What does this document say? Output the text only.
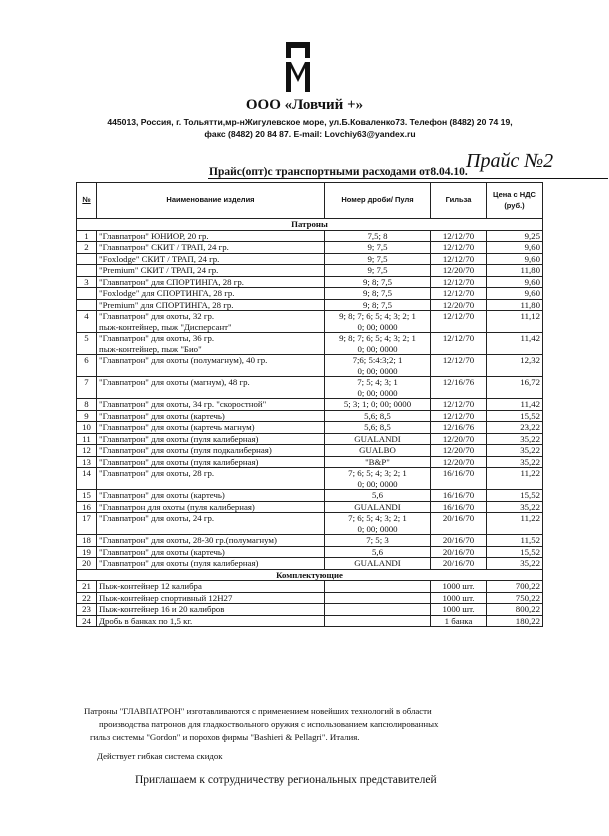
ООО «Ловчий +»
445013, Россия, г. Тольятти,мр-нЖигулевское море, ул.Б.Коваленко73. Телефон (8482) 20 74 19,
факс (8482) 20 84 87. E-mail: Lovchiy63@yandex.ru
Прайс(опт)с транспортными расходами от8.04.10.
Прайс №2
№	Наименование изделия	Номер дроби/ Пуля	Гильза	Цена с НДС (руб.)
Патроны				
1	"Главпатрон" ЮНИОР, 20 гр.	7,5; 8	12/12/70	9,25
2	"Главпатрон" СКИТ / ТРАП, 24 гр.	9; 7,5	12/12/70	9,60
	"Foxlodge" СКИТ / ТРАП, 24 гр.	9; 7,5	12/12/70	9,60
	"Premium" СКИТ / ТРАП, 24 гр.	9; 7,5	12/20/70	11,80
3	"Главпатрон" для СПОРТИНГА, 28 гр.	9; 8; 7,5	12/12/70	9,60
	"Foxlodge" для СПОРТИНГА, 28 гр.	9; 8; 7,5	12/12/70	9,60
	"Premium" для СПОРТИНГА, 28 гр.	9; 8; 7,5	12/20/70	11,80
4	"Главпатрон" для охоты, 32 гр.
пыж-контейнер, пыж "Дисперсант"	9; 8; 7; 6; 5; 4; 3; 2; 1
0; 00; 0000	12/12/70	11,12
5	"Главпатрон" для охоты, 36 гр.
пыж-контейнер, пыж "Био"	9; 8; 7; 6; 5; 4; 3; 2; 1
0; 00; 0000	12/12/70	11,42
6	"Главпатрон" для охоты (полумагнум), 40 гр.	7;6; 5:4:3;2; 1
0; 00; 0000	12/12/70	12,32
7	"Главпатрон" для охоты (магнум), 48 гр.	7; 5; 4; 3; 1
0; 00; 0000	12/16/76	16,72
8	"Главпатрон" для охоты, 34 гр. "скоростной"	5; 3; 1; 0; 00; 0000	12/12/70	11,42
9	"Главпатрон" для охоты (картечь)	5,6; 8,5	12/12/70	15,52
10	"Главпатрон" для охоты (картечь магнум)	5,6; 8,5	12/16/76	23,22
11	"Главпатрон" для охоты (пуля калиберная)	GUALANDI	12/20/70	35,22
12	"Главпатрон" для охоты (пуля подкалиберная)	GUALBO	12/20/70	35,22
13	"Главпатрон" для охоты (пуля калиберная)	"B&P"	12/20/70	35,22
14	"Главпатрон" для охоты, 28 гр.	7; 6; 5; 4; 3; 2; 1
0; 00; 0000	16/16/70	11,22
15	"Главпатрон" для охоты (картечь)	5,6	16/16/70	15,52
16	"Главпатрон для охоты (пуля калиберная)	GUALANDI	16/16/70	35,22
17	"Главпатрон" для охоты, 24 гр.	7; 6; 5; 4; 3; 2; 1
0; 00; 0000	20/16/70	11,22
18	"Главпатрон" для охоты, 28-30 гр.(полумагнум)	7; 5; 3	20/16/70	11,52
19	"Главпатрон" для охоты (картечь)	5,6	20/16/70	15,52
20	"Главпатрон" для охоты (пуля калиберная)	GUALANDI	20/16/70	35,22
Комплектующие				
21	Пыж-контейнер 12 калибра		1000 шт.	700,22
22	Пыж-контейнер спортивный 12Н27		1000 шт.	750,22
23	Пыж-контейнер 16 и 20 калибров		1000 шт.	800,22
24	Дробь в банках по 1,5 кг.		1 банка	180,22
Патроны "ГЛАВПАТРОН" изготавливаются с применением новейших технологий в области
производства патронов для гладкоствольного оружия с использованием капсюлированных
гильз системы "Gordon" и порохов фирмы "Bashieri & Pellagri". Италия.
Действует гибкая система скидок
Приглашаем к сотрудничеству региональных представителей
